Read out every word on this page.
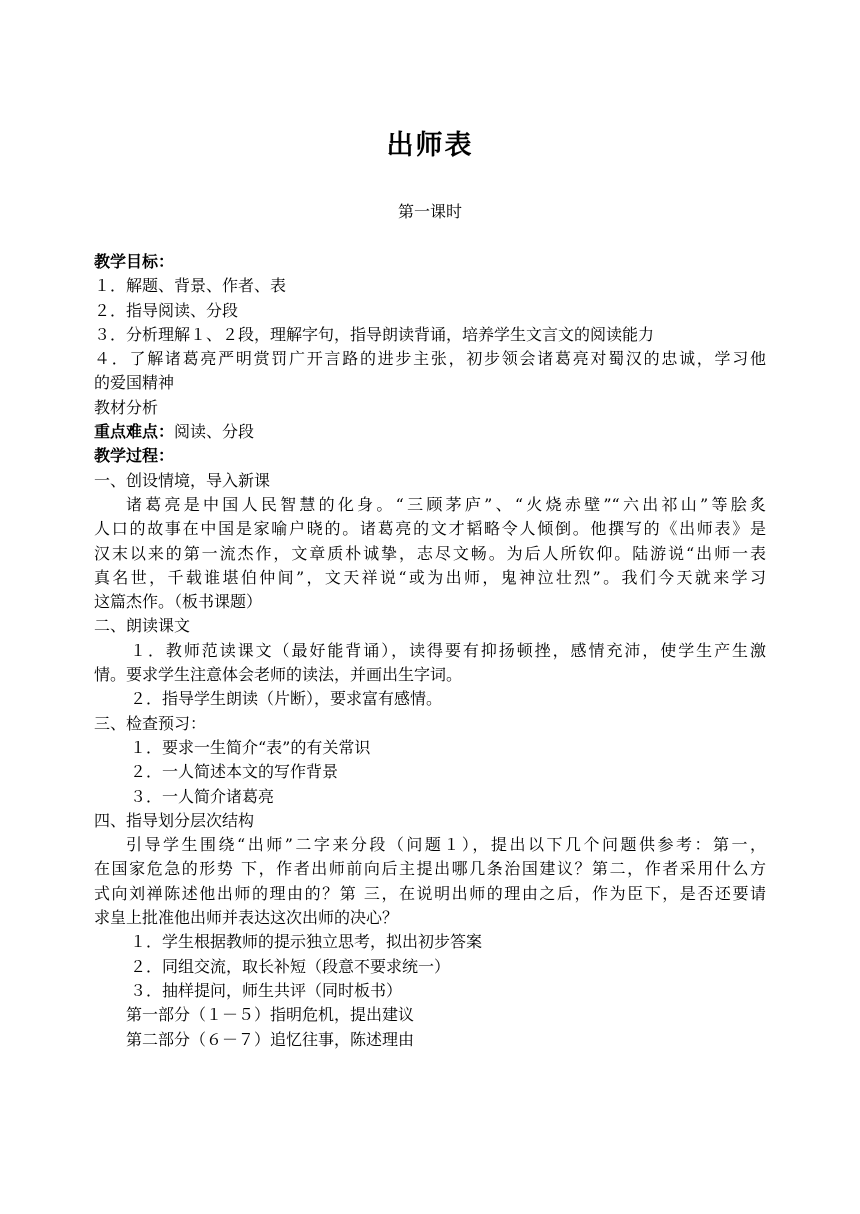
出师表
第一课时
教学目标：
１．解题、背景、作者、表
２．指导阅读、分段
３．分析理解１、２段，理解字句，指导朗读背诵，培养学生文言文的阅读能力
４．了解诸葛亮严明赏罚广开言路的进步主张，初步领会诸葛亮对蜀汉的忠诚，学习他
的爱国精神
教材分析
重点难点：阅读、分段
教学过程：
一、创设情境，导入新课
诸葛亮是中国人民智慧的化身。“三顾茅庐”、“火烧赤壁”“六出祁山”等脍炙
人口的故事在中国是家喻户晓的。诸葛亮的文才韬略令人倾倒。他撰写的《出师表》是
汉末以来的第一流杰作，文章质朴诚挚，志尽文畅。为后人所钦仰。陆游说“出师一表
真名世，千载谁堪伯仲间”，文天祥说“或为出师，鬼神泣壮烈”。我们今天就来学习
这篇杰作。（板书课题）
二、朗读课文
１．教师范读课文（最好能背诵），读得要有抑扬顿挫，感情充沛，使学生产生激
情。要求学生注意体会老师的读法，并画出生字词。
２．指导学生朗读（片断），要求富有感情。
三、检查预习：
１．要求一生简介“表”的有关常识
２．一人简述本文的写作背景
３．一人简介诸葛亮
四、指导划分层次结构
引导学生围绕“出师”二字来分段（问题１），提出以下几个问题供参考：第一，
在国家危急的形势 下，作者出师前向后主提出哪几条治国建议？第二，作者采用什么方
式向刘禅陈述他出师的理由的？第 三，在说明出师的理由之后，作为臣下，是否还要请
求皇上批准他出师并表达这次出师的决心？
１．学生根据教师的提示独立思考，拟出初步答案
２．同组交流，取长补短（段意不要求统一）
３．抽样提问，师生共评（同时板书）
第一部分（１－５）指明危机，提出建议
第二部分（６－７）追忆往事，陈述理由
